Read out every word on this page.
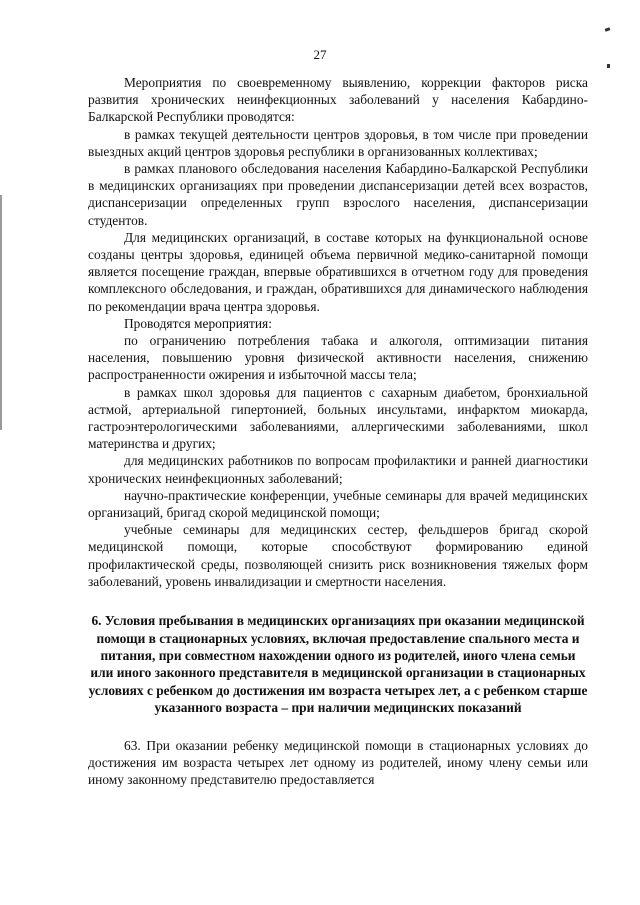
27

Мероприятия по своевременному выявлению, коррекции факторов риска развития хронических неинфекционных заболеваний у населения Кабардино-Балкарской Республики проводятся:

в рамках текущей деятельности центров здоровья, в том числе при проведении выездных акций центров здоровья республики в организованных коллективах;

в рамках планового обследования населения Кабардино-Балкарской Республики в медицинских организациях при проведении диспансеризации детей всех возрастов, диспансеризации определенных групп взрослого населения, диспансеризации студентов.

Для медицинских организаций, в составе которых на функциональной основе созданы центры здоровья, единицей объема первичной медико-санитарной помощи является посещение граждан, впервые обратившихся в отчетном году для проведения комплексного обследования, и граждан, обратившихся для динамического наблюдения по рекомендации врача центра здоровья.

Проводятся мероприятия:

по ограничению потребления табака и алкоголя, оптимизации питания населения, повышению уровня физической активности населения, снижению распространенности ожирения и избыточной массы тела;

в рамках школ здоровья для пациентов с сахарным диабетом, бронхиальной астмой, артериальной гипертонией, больных инсультами, инфарктом миокарда, гастроэнтерологическими заболеваниями, аллергическими заболеваниями, школ материнства и других;

для медицинских работников по вопросам профилактики и ранней диагностики хронических неинфекционных заболеваний;

научно-практические конференции, учебные семинары для врачей медицинских организаций, бригад скорой медицинской помощи;

учебные семинары для медицинских сестер, фельдшеров бригад скорой медицинской помощи, которые способствуют формированию единой профилактической среды, позволяющей снизить риск возникновения тяжелых форм заболеваний, уровень инвалидизации и смертности населения.

6. Условия пребывания в медицинских организациях при оказании медицинской помощи в стационарных условиях, включая предоставление спального места и питания, при совместном нахождении одного из родителей, иного члена семьи или иного законного представителя в медицинской организации в стационарных условиях с ребенком до достижения им возраста четырех лет, а с ребенком старше указанного возраста – при наличии медицинских показаний

63. При оказании ребенку медицинской помощи в стационарных условиях до достижения им возраста четырех лет одному из родителей, иному члену семьи или иному законному представителю предоставляется
